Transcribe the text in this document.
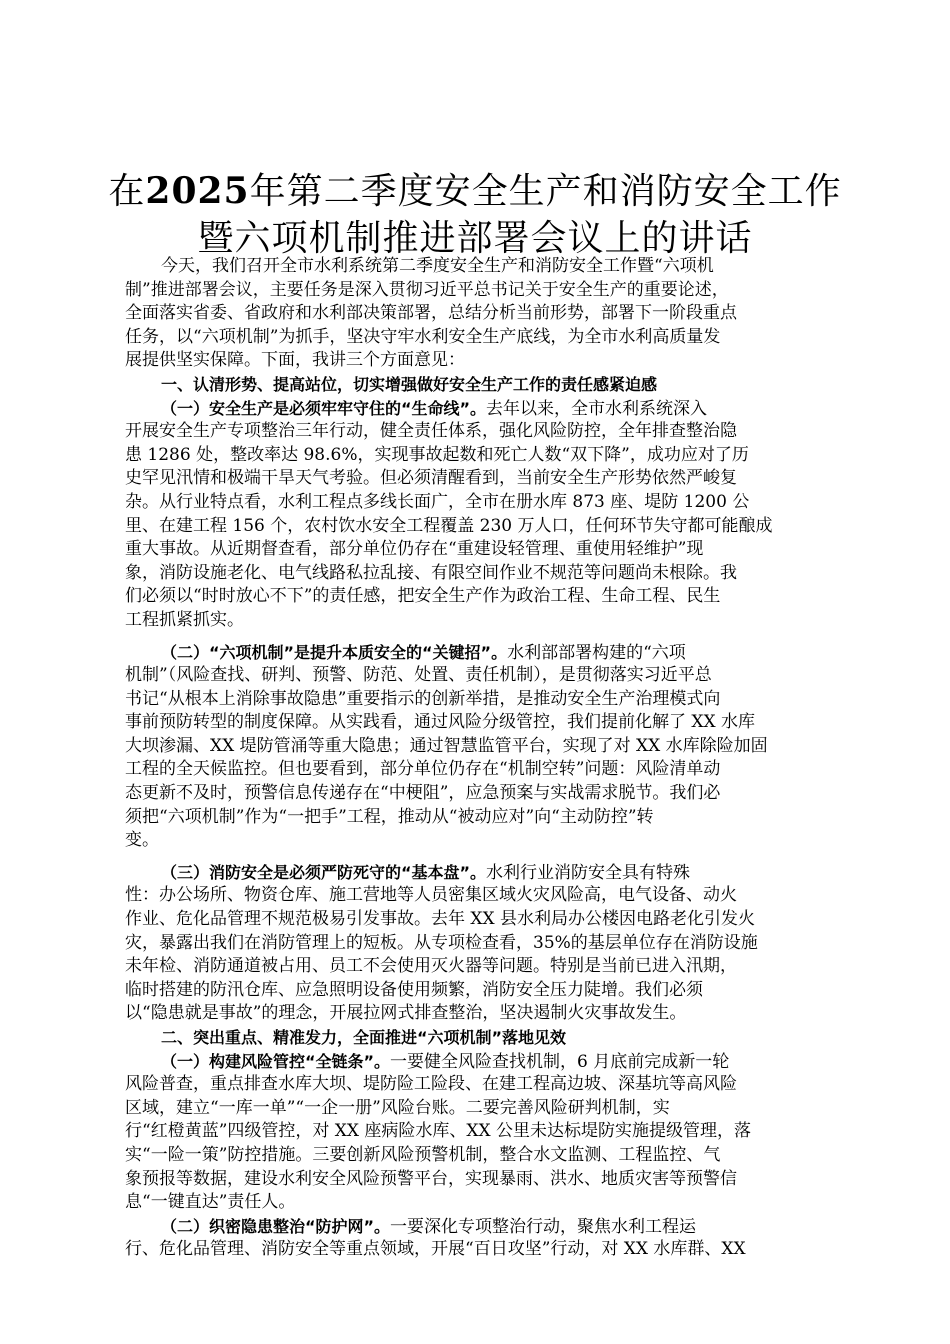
在2025年第二季度安全生产和消防安全工作
暨六项机制推进部署会议上的讲话
今天，我们召开全市水利系统第二季度安全生产和消防安全工作暨“六项机
制”推进部署会议，主要任务是深入贯彻习近平总书记关于安全生产的重要论述，
全面落实省委、省政府和水利部决策部署，总结分析当前形势，部署下一阶段重点
任务，以“六项机制”为抓手，坚决守牢水利安全生产底线，为全市水利高质量发
展提供坚实保障。下面，我讲三个方面意见：
一、认清形势、提高站位，切实增强做好安全生产工作的责任感紧迫感
（一）安全生产是必须牢牢守住的“生命线”。去年以来，全市水利系统深入
开展安全生产专项整治三年行动，健全责任体系，强化风险防控，全年排查整治隐
患 1286 处，整改率达 98.6%，实现事故起数和死亡人数“双下降”，成功应对了历
史罕见汛情和极端干旱天气考验。但必须清醒看到，当前安全生产形势依然严峻复
杂。从行业特点看，水利工程点多线长面广，全市在册水库 873 座、堤防 1200 公
里、在建工程 156 个，农村饮水安全工程覆盖 230 万人口，任何环节失守都可能酿成
重大事故。从近期督查看，部分单位仍存在“重建设轻管理、重使用轻维护”现
象，消防设施老化、电气线路私拉乱接、有限空间作业不规范等问题尚未根除。我
们必须以“时时放心不下”的责任感，把安全生产作为政治工程、生命工程、民生
工程抓紧抓实。
（二）“六项机制”是提升本质安全的“关键招”。水利部部署构建的“六项
机制”（风险查找、研判、预警、防范、处置、责任机制），是贯彻落实习近平总
书记“从根本上消除事故隐患”重要指示的创新举措，是推动安全生产治理模式向
事前预防转型的制度保障。从实践看，通过风险分级管控，我们提前化解了 XX 水库
大坝渗漏、XX 堤防管涌等重大隐患；通过智慧监管平台，实现了对 XX 水库除险加固
工程的全天候监控。但也要看到，部分单位仍存在“机制空转”问题：风险清单动
态更新不及时，预警信息传递存在“中梗阻”，应急预案与实战需求脱节。我们必
须把“六项机制”作为“一把手”工程，推动从“被动应对”向“主动防控”转
变。
（三）消防安全是必须严防死守的“基本盘”。水利行业消防安全具有特殊
性：办公场所、物资仓库、施工营地等人员密集区域火灾风险高，电气设备、动火
作业、危化品管理不规范极易引发事故。去年 XX 县水利局办公楼因电路老化引发火
灾，暴露出我们在消防管理上的短板。从专项检查看，35%的基层单位存在消防设施
未年检、消防通道被占用、员工不会使用灭火器等问题。特别是当前已进入汛期，
临时搭建的防汛仓库、应急照明设备使用频繁，消防安全压力陡增。我们必须
以“隐患就是事故”的理念，开展拉网式排查整治，坚决遏制火灾事故发生。
二、突出重点、精准发力，全面推进“六项机制”落地见效
（一）构建风险管控“全链条”。一要健全风险查找机制，6 月底前完成新一轮
风险普查，重点排查水库大坝、堤防险工险段、在建工程高边坡、深基坑等高风险
区域，建立“一库一单”“一企一册”风险台账。二要完善风险研判机制，实
行“红橙黄蓝”四级管控，对 XX 座病险水库、XX 公里未达标堤防实施提级管理，落
实“一险一策”防控措施。三要创新风险预警机制，整合水文监测、工程监控、气
象预报等数据，建设水利安全风险预警平台，实现暴雨、洪水、地质灾害等预警信
息“一键直达”责任人。
（二）织密隐患整治“防护网”。一要深化专项整治行动，聚焦水利工程运
行、危化品管理、消防安全等重点领域，开展“百日攻坚”行动，对 XX 水库群、XX
